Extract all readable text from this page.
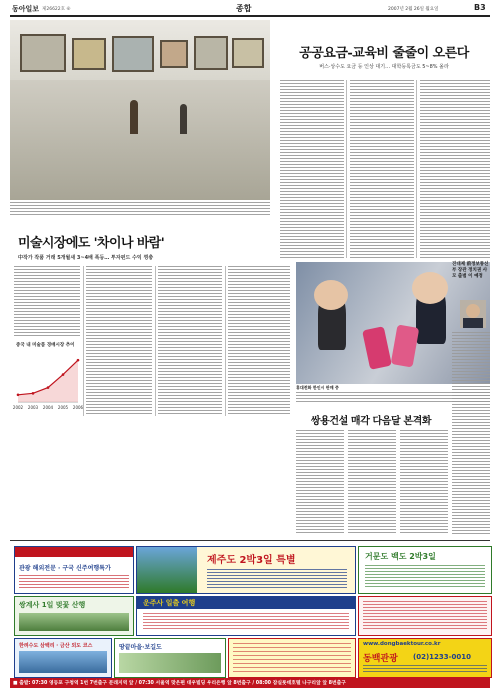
동아일보 제26622호 ⑥	종합	2007년 2월 26일 월요일	B3
공공요금-교육비 줄줄이 오른다
버스·상수도 요금 등 인상 대기… 대학등록금도 5~8% 올라
미술시장에도 '차이나 바람'
中작가 작품 거래 5개월새 3~4배 폭등… 투자펀드 수익 껑충
중국 내 미술품 경매시장 추이
2002 2003 2004 2005 2006
휴대전화 한인시 판매 중
쌍용건설 매각 다음달 본격화
진대제 前정보통신부 장관 정치권 사모 출범 이 예정
관광 해외전문 · 구국 신주여행특가
제주도 2박3일 특별	거문도 백도 2박3일
쌍계사 1일 벚꽃 산행	운주사 일출 여행
한려수도 삼백리 · 금산 외도 코스	땅끝마을·보길도	www.dongbaektour.co.kr
동백관광 (02)1233-0010
■ 출발: 07:30 영등포 구청역 1번 7번출구 문래지역 앞 / 07:30 서울역 맞은편 대우빌딩 우리은행 앞 8번출구 / 08:00 잠실롯데호텔 나구리앞 앞 8번출구
